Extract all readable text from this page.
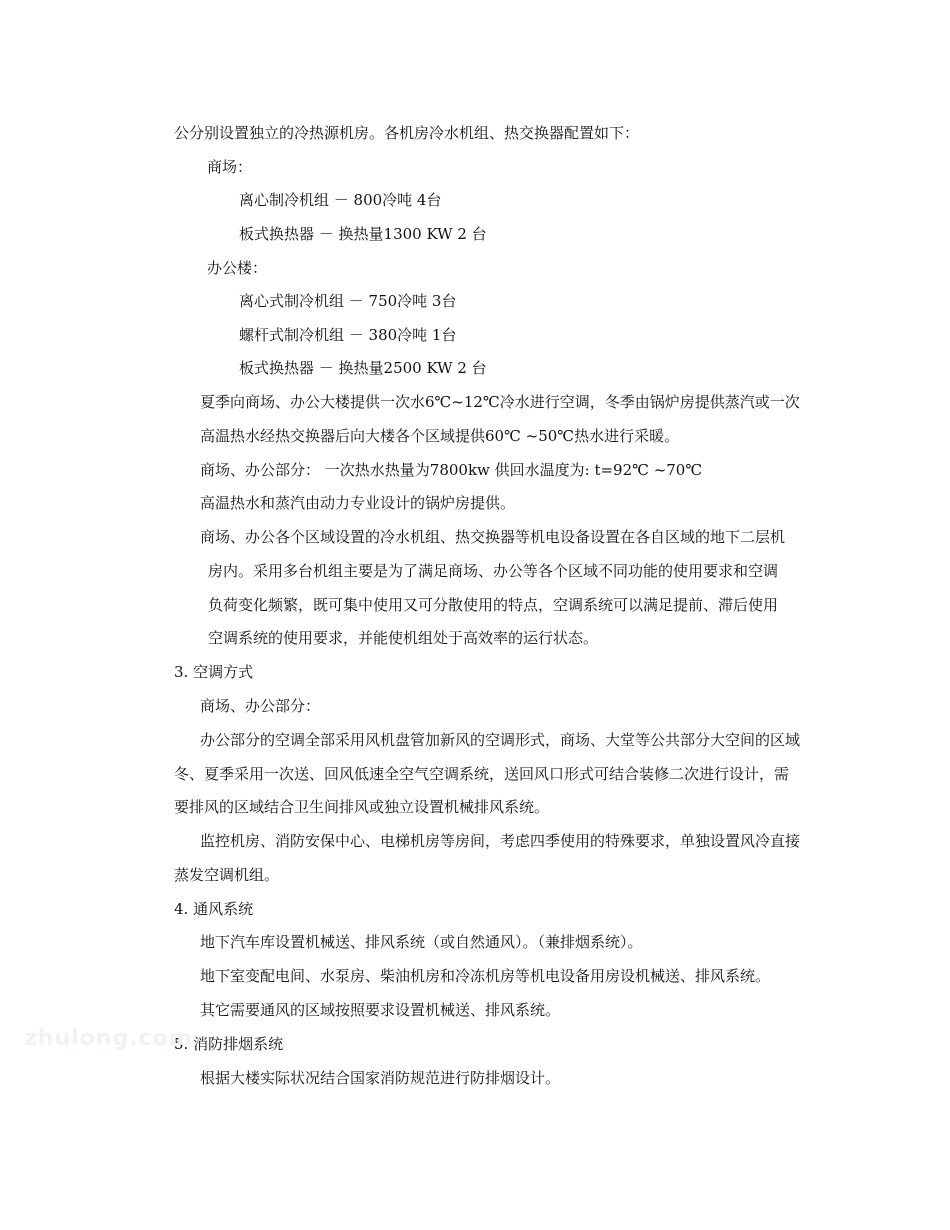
公分别设置独立的冷热源机房。各机房冷水机组、热交换器配置如下：
商场：
离心制冷机组 － 800冷吨 4台
板式换热器 － 换热量1300 KW 2 台
办公楼：
离心式制冷机组 － 750冷吨 3台
螺杆式制冷机组 － 380冷吨 1台
板式换热器 － 换热量2500 KW 2 台
夏季向商场、办公大楼提供一次水6℃~12℃冷水进行空调，冬季由锅炉房提供蒸汽或一次
高温热水经热交换器后向大楼各个区域提供60℃ ~50℃热水进行采暖。
商场、办公部分： 一次热水热量为7800kw 供回水温度为: t=92℃ ~70℃
高温热水和蒸汽由动力专业设计的锅炉房提供。
商场、办公各个区域设置的冷水机组、热交换器等机电设备设置在各自区域的地下二层机
房内。采用多台机组主要是为了满足商场、办公等各个区域不同功能的使用要求和空调
负荷变化频繁，既可集中使用又可分散使用的特点，空调系统可以满足提前、滞后使用
空调系统的使用要求，并能使机组处于高效率的运行状态。
3. 空调方式
商场、办公部分：
办公部分的空调全部采用风机盘管加新风的空调形式，商场、大堂等公共部分大空间的区域
冬、夏季采用一次送、回风低速全空气空调系统，送回风口形式可结合装修二次进行设计，需
要排风的区域结合卫生间排风或独立设置机械排风系统。
监控机房、消防安保中心、电梯机房等房间，考虑四季使用的特殊要求，单独设置风冷直接
蒸发空调机组。
4. 通风系统
地下汽车库设置机械送、排风系统（或自然通风）。（兼排烟系统）。
地下室变配电间、水泵房、柴油机房和冷冻机房等机电设备用房设机械送、排风系统。
其它需要通风的区域按照要求设置机械送、排风系统。
5. 消防排烟系统
根据大楼实际状况结合国家消防规范进行防排烟设计。
zhulong.com
